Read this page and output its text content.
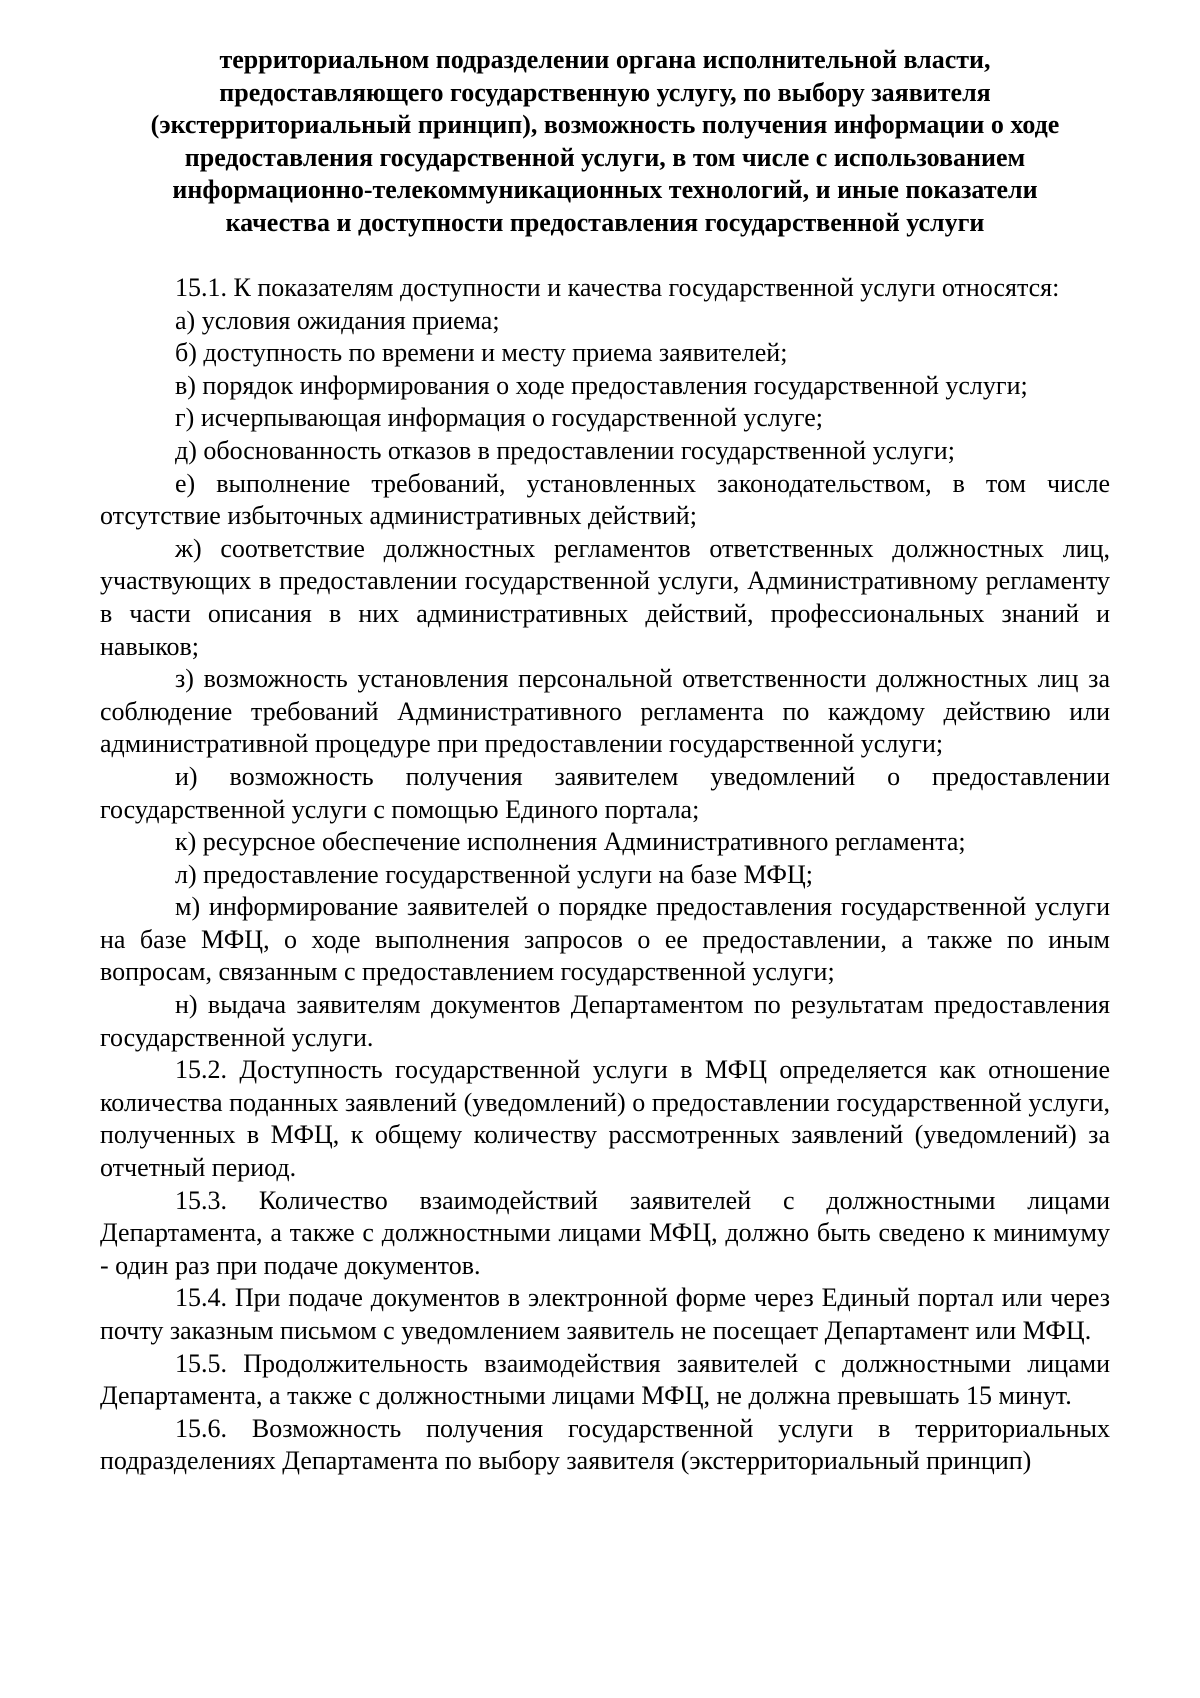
территориальном подразделении органа исполнительной власти,
предоставляющего государственную услугу, по выбору заявителя
(экстерриториальный принцип), возможность получения информации о ходе
предоставления государственной услуги, в том числе с использованием
информационно-телекоммуникационных технологий, и иные показатели
качества и доступности предоставления государственной услуги

15.1. К показателям доступности и качества государственной услуги относятся:

а) условия ожидания приема;

б) доступность по времени и месту приема заявителей;

в) порядок информирования о ходе предоставления государственной услуги;

г) исчерпывающая информация о государственной услуге;

д) обоснованность отказов в предоставлении государственной услуги;

е) выполнение требований, установленных законодательством, в том числе отсутствие избыточных административных действий;

ж) соответствие должностных регламентов ответственных должностных лиц, участвующих в предоставлении государственной услуги, Административному регламенту в части описания в них административных действий, профессиональных знаний и навыков;

з) возможность установления персональной ответственности должностных лиц за соблюдение требований Административного регламента по каждому действию или административной процедуре при предоставлении государственной услуги;

и) возможность получения заявителем уведомлений о предоставлении государственной услуги с помощью Единого портала;

к) ресурсное обеспечение исполнения Административного регламента;

л) предоставление государственной услуги на базе МФЦ;

м) информирование заявителей о порядке предоставления государственной услуги на базе МФЦ, о ходе выполнения запросов о ее предоставлении, а также по иным вопросам, связанным с предоставлением государственной услуги;

н) выдача заявителям документов Департаментом по результатам предоставления государственной услуги.

15.2. Доступность государственной услуги в МФЦ определяется как отношение количества поданных заявлений (уведомлений) о предоставлении государственной услуги, полученных в МФЦ, к общему количеству рассмотренных заявлений (уведомлений) за отчетный период.

15.3. Количество взаимодействий заявителей с должностными лицами Департамента, а также с должностными лицами МФЦ, должно быть сведено к минимуму - один раз при подаче документов.

15.4. При подаче документов в электронной форме через Единый портал или через почту заказным письмом с уведомлением заявитель не посещает Департамент или МФЦ.

15.5. Продолжительность взаимодействия заявителей с должностными лицами Департамента, а также с должностными лицами МФЦ, не должна превышать 15 минут.

15.6. Возможность получения государственной услуги в территориальных подразделениях Департамента по выбору заявителя (экстерриториальный принцип)
